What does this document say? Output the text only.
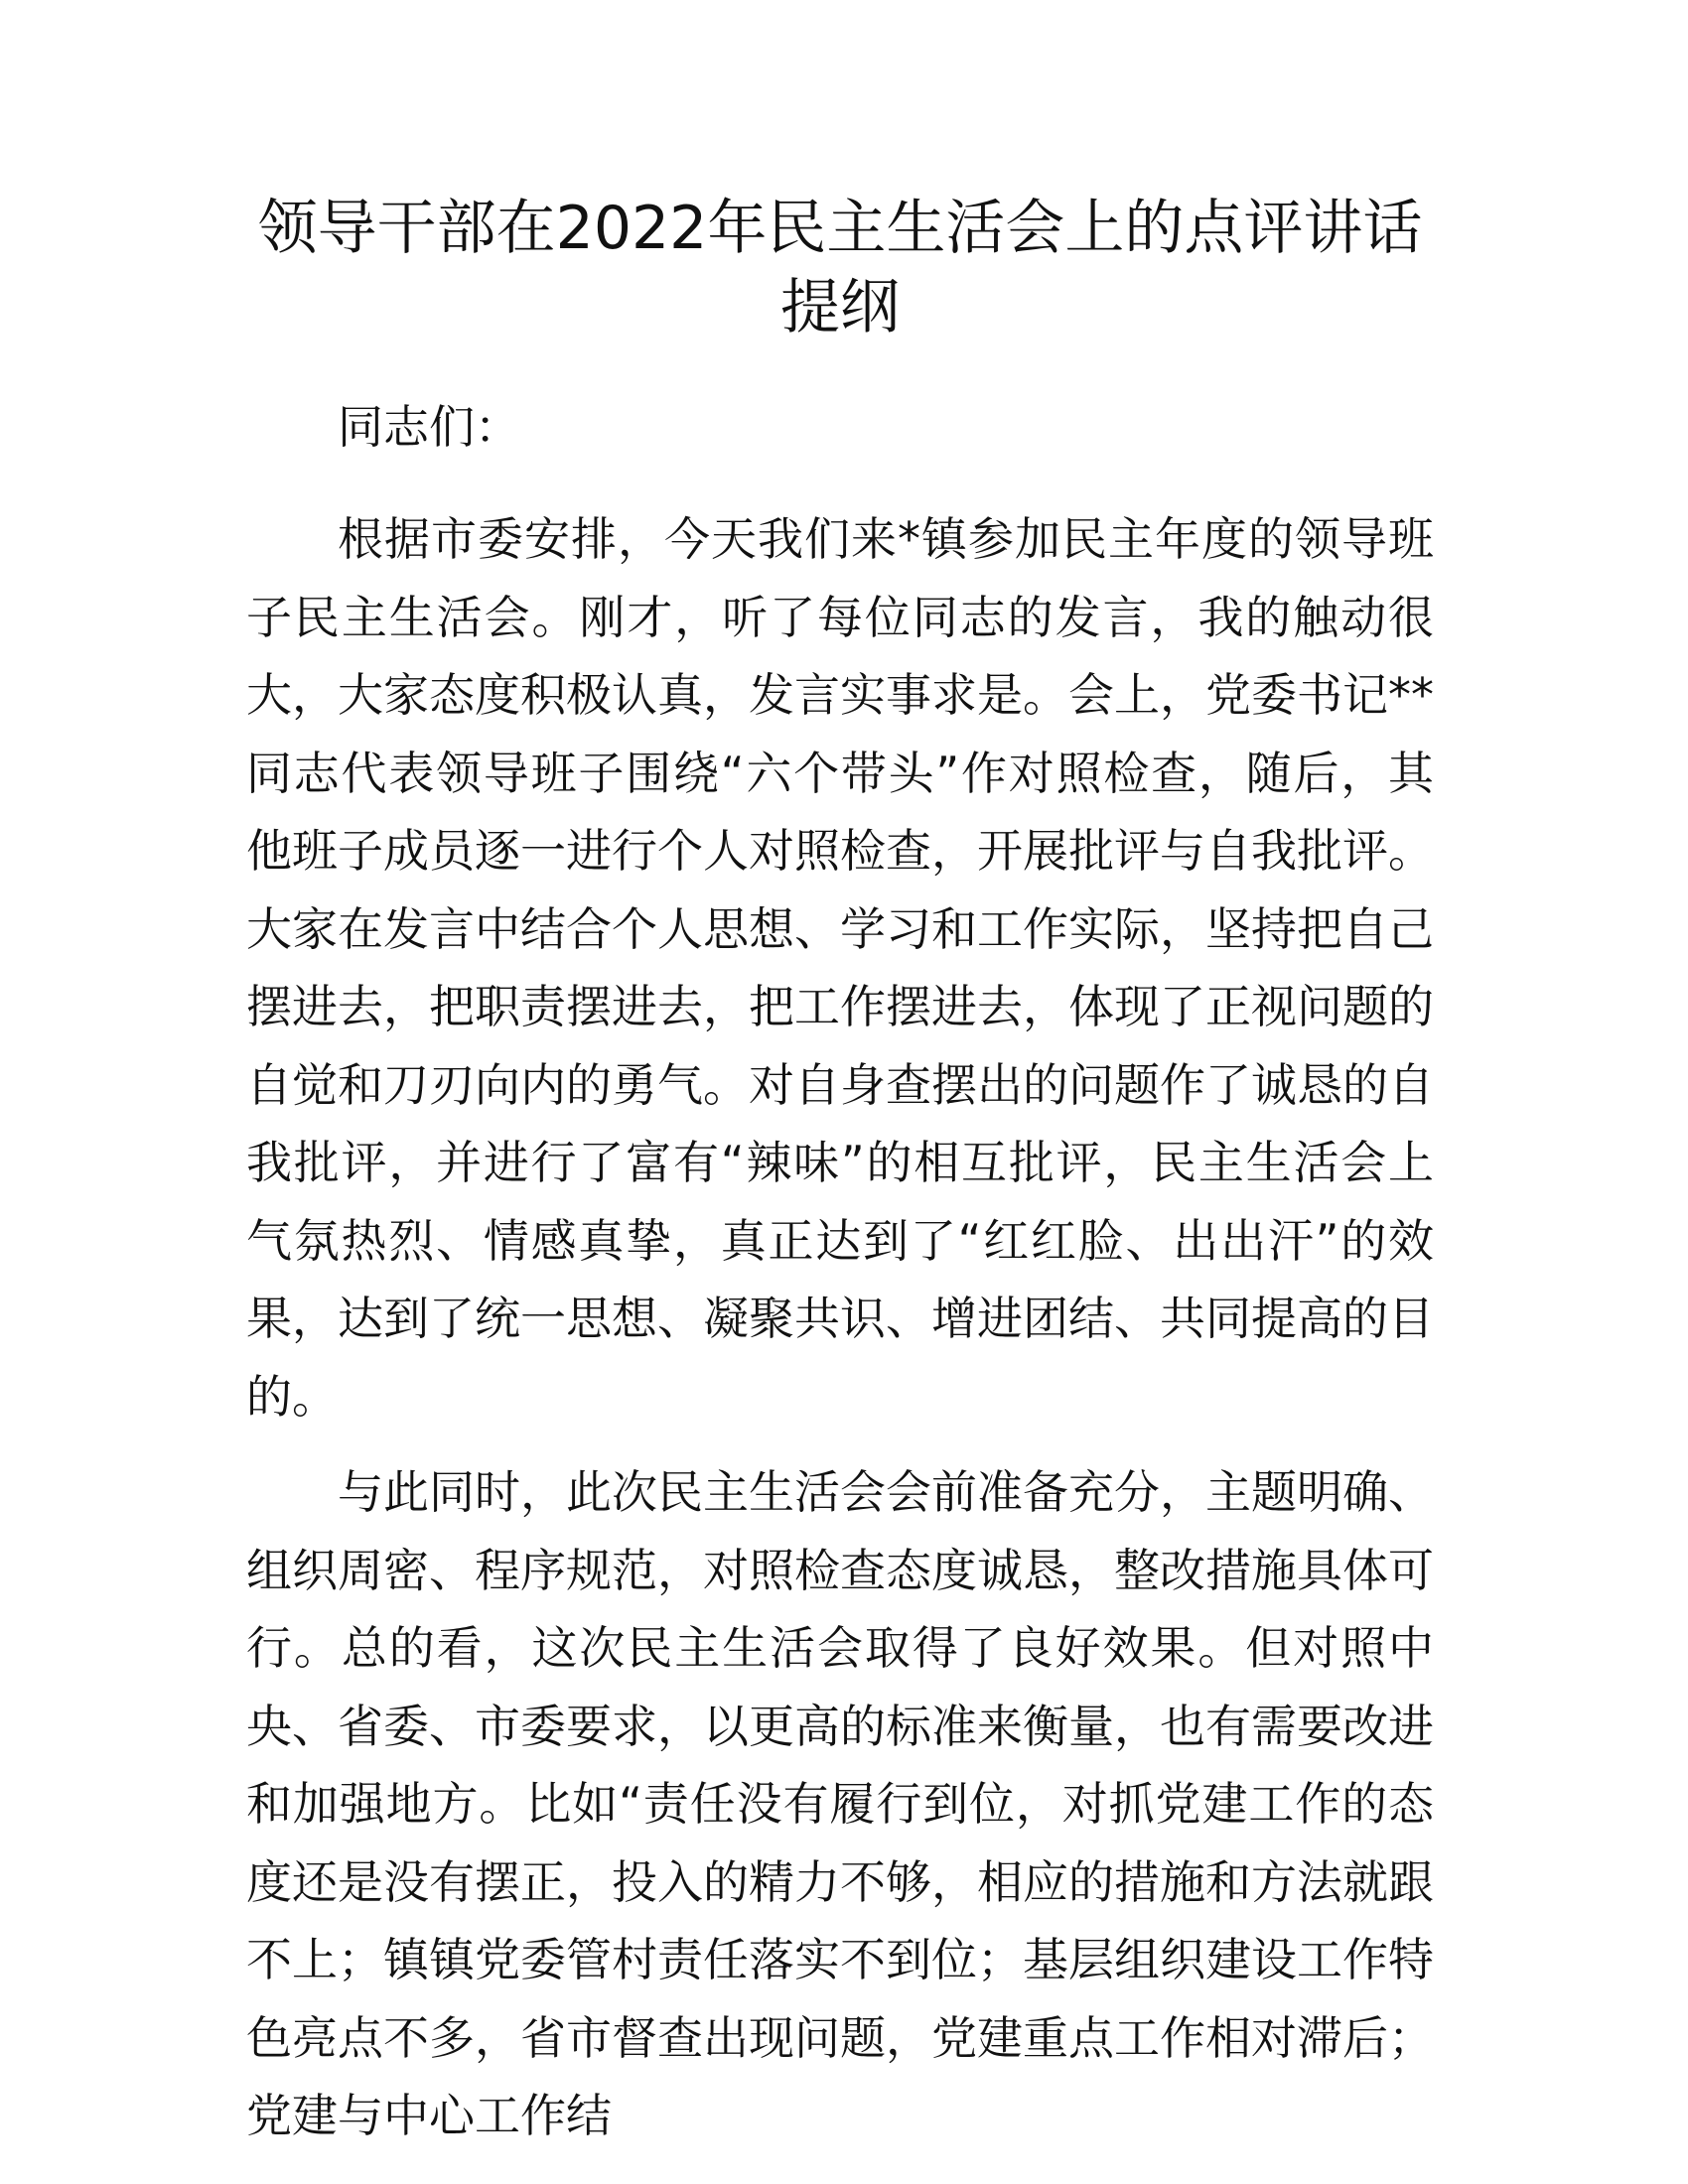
领导干部在2022年民主生活会上的点评讲话提纲

同志们：

根据市委安排，今天我们来*镇参加民主年度的领导班子民主生活会。刚才，听了每位同志的发言，我的触动很大，大家态度积极认真，发言实事求是。会上，党委书记**同志代表领导班子围绕“六个带头”作对照检查，随后，其他班子成员逐一进行个人对照检查，开展批评与自我批评。大家在发言中结合个人思想、学习和工作实际，坚持把自己摆进去，把职责摆进去，把工作摆进去，体现了正视问题的自觉和刀刃向内的勇气。对自身查摆出的问题作了诚恳的自我批评，并进行了富有“辣味”的相互批评，民主生活会上气氛热烈、情感真挚，真正达到了“红红脸、出出汗”的效果，达到了统一思想、凝聚共识、增进团结、共同提高的目的。

与此同时，此次民主生活会会前准备充分，主题明确、组织周密、程序规范，对照检查态度诚恳，整改措施具体可行。总的看，这次民主生活会取得了良好效果。但对照中央、省委、市委要求，以更高的标准来衡量，也有需要改进和加强地方。比如“责任没有履行到位，对抓党建工作的态度还是没有摆正，投入的精力不够，相应的措施和方法就跟不上；镇镇党委管村责任落实不到位；基层组织建设工作特色亮点不多，省市督查出现问题，党建重点工作相对滞后；党建与中心工作结
